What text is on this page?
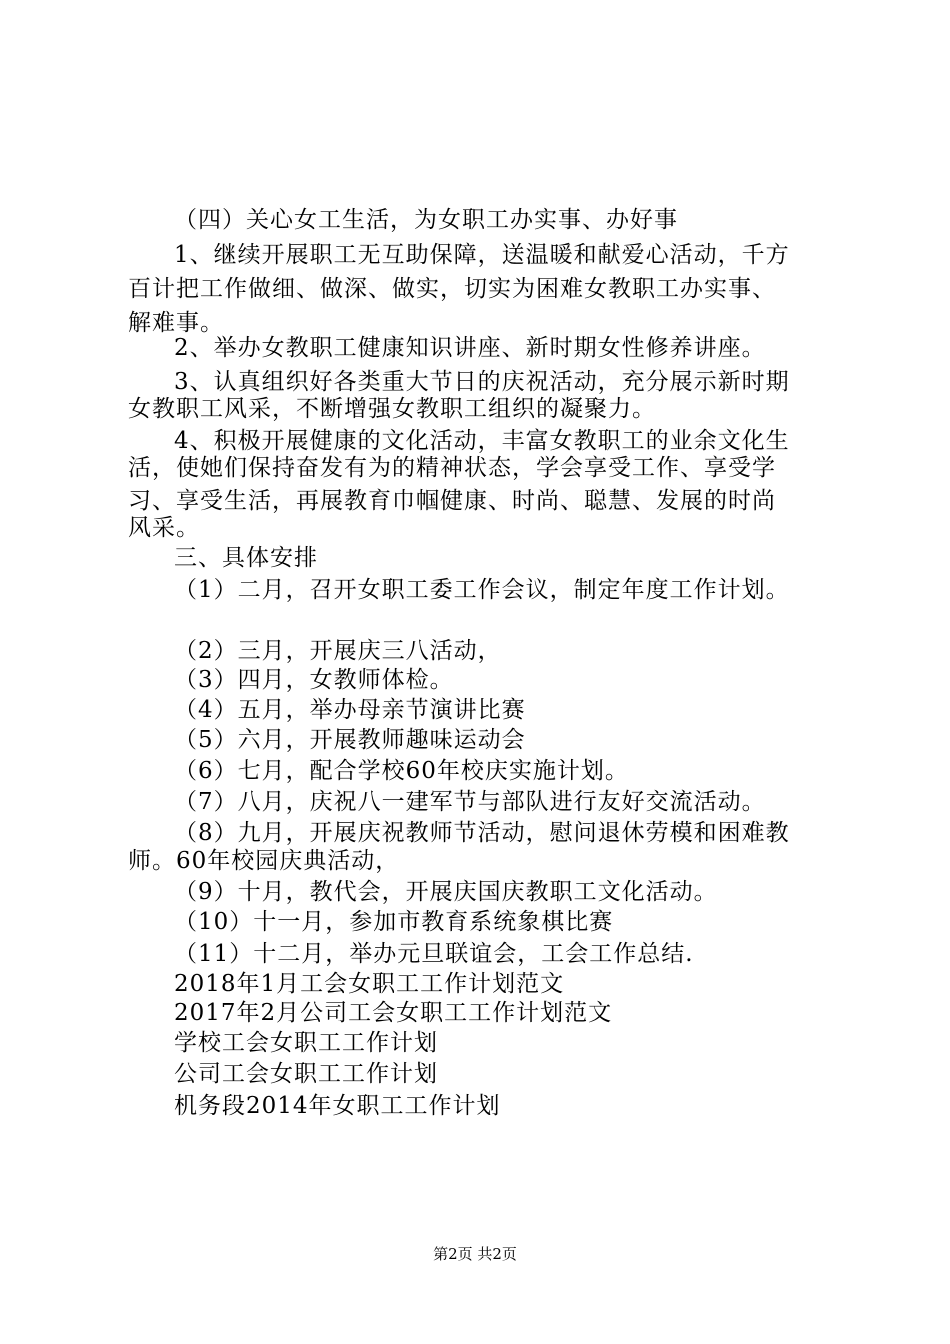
（四）关心女工生活，为女职工办实事、办好事
1、继续开展职工无互助保障，送温暖和献爱心活动，千方
百计把工作做细、做深、做实，切实为困难女教职工办实事、
解难事。
2、举办女教职工健康知识讲座、新时期女性修养讲座。
3、认真组织好各类重大节日的庆祝活动，充分展示新时期
女教职工风采，不断增强女教职工组织的凝聚力。
4、积极开展健康的文化活动，丰富女教职工的业余文化生
活，使她们保持奋发有为的精神状态，学会享受工作、享受学
习、享受生活，再展教育巾帼健康、时尚、聪慧、发展的时尚
风采。
三、具体安排
（1）二月，召开女职工委工作会议，制定年度工作计划。
（2）三月，开展庆三八活动，
（3）四月，女教师体检。
（4）五月，举办母亲节演讲比赛
（5）六月，开展教师趣味运动会
（6）七月，配合学校60年校庆实施计划。
（7）八月，庆祝八一建军节与部队进行友好交流活动。
（8）九月，开展庆祝教师节活动，慰问退休劳模和困难教
师。60年校园庆典活动，
（9）十月，教代会，开展庆国庆教职工文化活动。
（10）十一月，参加市教育系统象棋比赛
（11）十二月，举办元旦联谊会，工会工作总结.
2018年1月工会女职工工作计划范文
2017年2月公司工会女职工工作计划范文
学校工会女职工工作计划
公司工会女职工工作计划
机务段2014年女职工工作计划
第2页 共2页
